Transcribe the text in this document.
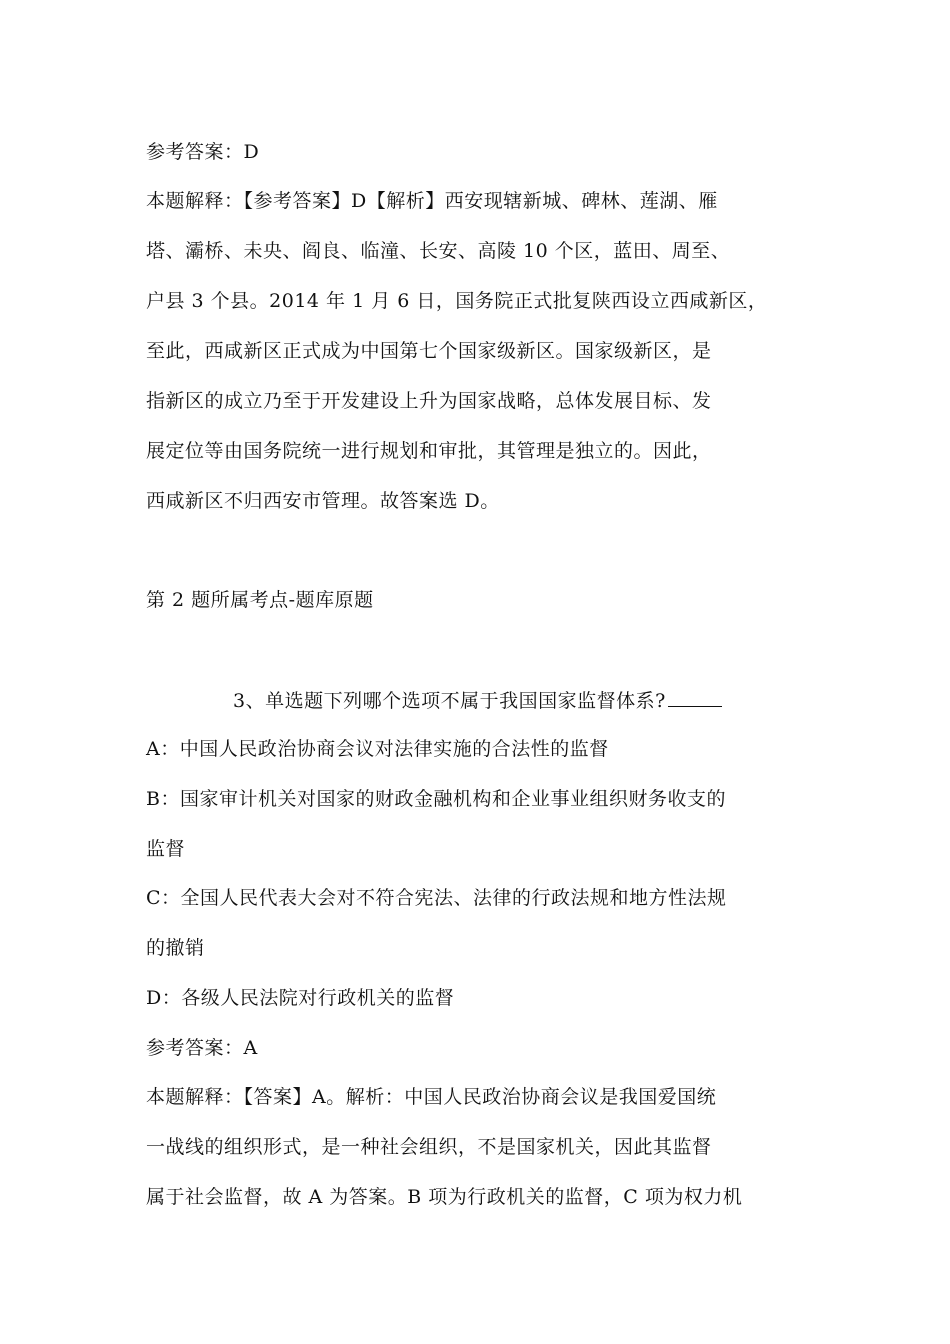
参考答案：D
本题解释：【参考答案】D【解析】西安现辖新城、碑林、莲湖、雁
塔、灞桥、未央、阎良、临潼、长安、高陵 10 个区，蓝田、周至、
户县 3 个县。2014 年 1 月 6 日，国务院正式批复陕西设立西咸新区，
至此，西咸新区正式成为中国第七个国家级新区。国家级新区，是
指新区的成立乃至于开发建设上升为国家战略，总体发展目标、发
展定位等由国务院统一进行规划和审批，其管理是独立的。因此，
西咸新区不归西安市管理。故答案选 D。
第 2 题所属考点-题库原题
3、单选题下列哪个选项不属于我国国家监督体系?
A：中国人民政治协商会议对法律实施的合法性的监督
B：国家审计机关对国家的财政金融机构和企业事业组织财务收支的
监督
C：全国人民代表大会对不符合宪法、法律的行政法规和地方性法规
的撤销
D：各级人民法院对行政机关的监督
参考答案：A
本题解释：【答案】A。解析：中国人民政治协商会议是我国爱国统
一战线的组织形式，是一种社会组织，不是国家机关，因此其监督
属于社会监督，故 A 为答案。B 项为行政机关的监督，C 项为权力机
